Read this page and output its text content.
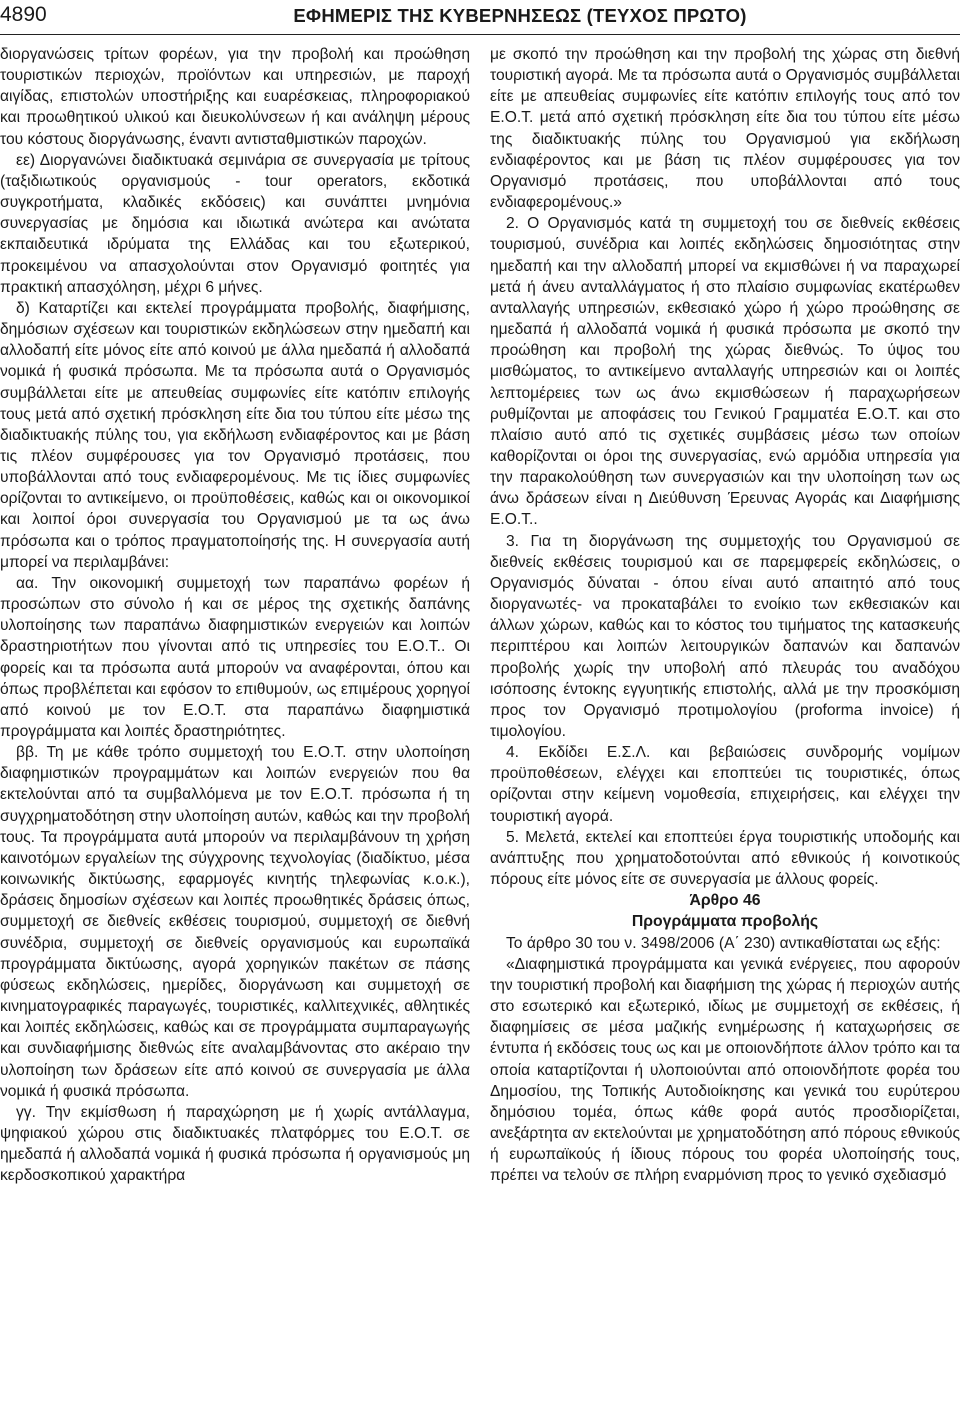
4890	ΕΦΗΜΕΡΙΣ ΤΗΣ ΚΥΒΕΡΝΗΣΕΩΣ (ΤΕΥΧΟΣ ΠΡΩΤΟ)

διοργανώσεις τρίτων φορέων, για την προβολή και προώθηση τουριστικών περιοχών, προϊόντων και υπηρεσιών, με παροχή αιγίδας, επιστολών υποστήριξης και ευαρέσκειας, πληροφοριακού και προωθητικού υλικού και διευκολύνσεων ή και ανάληψη μέρους του κόστους διοργάνωσης, έναντι αντισταθμιστικών παροχών.

εε) Διοργανώνει διαδικτυακά σεμινάρια σε συνεργασία με τρίτους (ταξιδιωτικούς οργανισμούς - tour operators, εκδοτικά συγκροτήματα, κλαδικές εκδόσεις) και συνάπτει μνημόνια συνεργασίας με δημόσια και ιδιωτικά ανώτερα και ανώτατα εκπαιδευτικά ιδρύματα της Ελλάδας και του εξωτερικού, προκειμένου να απασχολούνται στον Οργανισμό φοιτητές για πρακτική απασχόληση, μέχρι 6 μήνες.

δ) Καταρτίζει και εκτελεί προγράμματα προβολής, διαφήμισης, δημόσιων σχέσεων και τουριστικών εκδηλώσεων στην ημεδαπή και αλλοδαπή είτε μόνος είτε από κοινού με άλλα ημεδαπά ή αλλοδαπά νομικά ή φυσικά πρόσωπα. Με τα πρόσωπα αυτά ο Οργανισμός συμβάλλεται είτε με απευθείας συμφωνίες είτε κατόπιν επιλογής τους μετά από σχετική πρόσκληση είτε δια του τύπου είτε μέσω της διαδικτυακής πύλης του, για εκδήλωση ενδιαφέροντος και με βάση τις πλέον συμφέρουσες για τον Οργανισμό προτάσεις, που υποβάλλονται από τους ενδιαφερομένους. Με τις ίδιες συμφωνίες ορίζονται το αντικείμενο, οι προϋποθέσεις, καθώς και οι οικονομικοί και λοιποί όροι συνεργασία του Οργανισμού με τα ως άνω πρόσωπα και ο τρόπος πραγματοποίησής της. Η συνεργασία αυτή μπορεί να περιλαμβάνει:

αα. Την οικονομική συμμετοχή των παραπάνω φορέων ή προσώπων στο σύνολο ή και σε μέρος της σχετικής δαπάνης υλοποίησης των παραπάνω διαφημιστικών ενεργειών και λοιπών δραστηριοτήτων που γίνονται από τις υπηρεσίες του Ε.Ο.Τ.. Οι φορείς και τα πρόσωπα αυτά μπορούν να αναφέρονται, όπου και όπως προβλέπεται και εφόσον το επιθυμούν, ως επιμέρους χορηγοί από κοινού με τον Ε.Ο.Τ. στα παραπάνω διαφημιστικά προγράμματα και λοιπές δραστηριότητες.

ββ. Τη με κάθε τρόπο συμμετοχή του Ε.Ο.Τ. στην υλοποίηση διαφημιστικών προγραμμάτων και λοιπών ενεργειών που θα εκτελούνται από τα συμβαλλόμενα με τον Ε.Ο.Τ. πρόσωπα ή τη συγχρηματοδότηση στην υλοποίηση αυτών, καθώς και την προβολή τους. Τα προγράμματα αυτά μπορούν να περιλαμβάνουν τη χρήση καινοτόμων εργαλείων της σύγχρονης τεχνολογίας (διαδίκτυο, μέσα κοινωνικής δικτύωσης, εφαρμογές κινητής τηλεφωνίας κ.ο.κ.), δράσεις δημοσίων σχέσεων και λοιπές προωθητικές δράσεις όπως, συμμετοχή σε διεθνείς εκθέσεις τουρισμού, συμμετοχή σε διεθνή συνέδρια, συμμετοχή σε διεθνείς οργανισμούς και ευρωπαϊκά προγράμματα δικτύωσης, αγορά χορηγικών πακέτων σε πάσης φύσεως εκδηλώσεις, ημερίδες, διοργάνωση και συμμετοχή σε κινηματογραφικές παραγωγές, τουριστικές, καλλιτεχνικές, αθλητικές και λοιπές εκδηλώσεις, καθώς και σε προγράμματα συμπαραγωγής και συνδιαφήμισης διεθνώς είτε αναλαμβάνοντας στο ακέραιο την υλοποίηση των δράσεων είτε από κοινού σε συνεργασία με άλλα νομικά ή φυσικά πρόσωπα.

γγ. Την εκμίσθωση ή παραχώρηση με ή χωρίς αντάλλαγμα, ψηφιακού χώρου στις διαδικτυακές πλατφόρμες του Ε.Ο.Τ. σε ημεδαπά ή αλλοδαπά νομικά ή φυσικά πρόσωπα ή οργανισμούς μη κερδοσκοπικού χαρακτήρα

με σκοπό την προώθηση και την προβολή της χώρας στη διεθνή τουριστική αγορά. Με τα πρόσωπα αυτά ο Οργανισμός συμβάλλεται είτε με απευθείας συμφωνίες είτε κατόπιν επιλογής τους από τον Ε.Ο.Τ. μετά από σχετική πρόσκληση είτε δια του τύπου είτε μέσω της διαδικτυακής πύλης του Οργανισμού για εκδήλωση ενδιαφέροντος και με βάση τις πλέον συμφέρουσες για τον Οργανισμό προτάσεις, που υποβάλλονται από τους ενδιαφερομένους.»

2. Ο Οργανισμός κατά τη συμμετοχή του σε διεθνείς εκθέσεις τουρισμού, συνέδρια και λοιπές εκδηλώσεις δημοσιότητας στην ημεδαπή και την αλλοδαπή μπορεί να εκμισθώνει ή να παραχωρεί μετά ή άνευ ανταλλάγματος ή στο πλαίσιο συμφωνίας εκατέρωθεν ανταλλαγής υπηρεσιών, εκθεσιακό χώρο ή χώρο προώθησης σε ημεδαπά ή αλλοδαπά νομικά ή φυσικά πρόσωπα με σκοπό την προώθηση και προβολή της χώρας διεθνώς. Το ύψος του μισθώματος, το αντικείμενο ανταλλαγής υπηρεσιών και οι λοιπές λεπτομέρειες των ως άνω εκμισθώσεων ή παραχωρήσεων ρυθμίζονται με αποφάσεις του Γενικού Γραμματέα Ε.Ο.Τ. και στο πλαίσιο αυτό από τις σχετικές συμβάσεις μέσω των οποίων καθορίζονται οι όροι της συνεργασίας, ενώ αρμόδια υπηρεσία για την παρακολούθηση των συνεργασιών και την υλοποίηση των ως άνω δράσεων είναι η Διεύθυνση Έρευνας Αγοράς και Διαφήμισης Ε.Ο.Τ..

3. Για τη διοργάνωση της συμμετοχής του Οργανισμού σε διεθνείς εκθέσεις τουρισμού και σε παρεμφερείς εκδηλώσεις, ο Οργανισμός δύναται - όπου είναι αυτό απαιτητό από τους διοργανωτές- να προκαταβάλει το ενοίκιο των εκθεσιακών και άλλων χώρων, καθώς και το κόστος του τιμήματος της κατασκευής περιπτέρου και λοιπών λειτουργικών δαπανών και δαπανών προβολής χωρίς την υποβολή από πλευράς του αναδόχου ισόποσης έντοκης εγγυητικής επιστολής, αλλά με την προσκόμιση προς τον Οργανισμό προτιμολογίου (proforma invoice) ή τιμολογίου.

4. Εκδίδει Ε.Σ.Λ. και βεβαιώσεις συνδρομής νομίμων προϋποθέσεων, ελέγχει και εποπτεύει τις τουριστικές, όπως ορίζονται στην κείμενη νομοθεσία, επιχειρήσεις, και ελέγχει την τουριστική αγορά.

5. Μελετά, εκτελεί και εποπτεύει έργα τουριστικής υποδομής και ανάπτυξης που χρηματοδοτούνται από εθνικούς ή κοινοτικούς πόρους είτε μόνος είτε σε συνεργασία με άλλους φορείς.

Άρθρο 46

Προγράμματα προβολής

Το άρθρο 30 του ν. 3498/2006 (Α΄ 230) αντικαθίσταται ως εξής:

«Διαφημιστικά προγράμματα και γενικά ενέργειες, που αφορούν την τουριστική προβολή και διαφήμιση της χώρας ή περιοχών αυτής στο εσωτερικό και εξωτερικό, ιδίως με συμμετοχή σε εκθέσεις, ή διαφημίσεις σε μέσα μαζικής ενημέρωσης ή καταχωρήσεις σε έντυπα ή εκδόσεις τους ως και με οποιονδήποτε άλλον τρόπο και τα οποία καταρτίζονται ή υλοποιούνται από οποιονδήποτε φορέα του Δημοσίου, της Τοπικής Αυτοδιοίκησης και γενικά του ευρύτερου δημόσιου τομέα, όπως κάθε φορά αυτός προσδιορίζεται, ανεξάρτητα αν εκτελούνται με χρηματοδότηση από πόρους εθνικούς ή ευρωπαϊκούς ή ίδιους πόρους του φορέα υλοποίησής τους, πρέπει να τελούν σε πλήρη εναρμόνιση προς το γενικό σχεδιασμό
